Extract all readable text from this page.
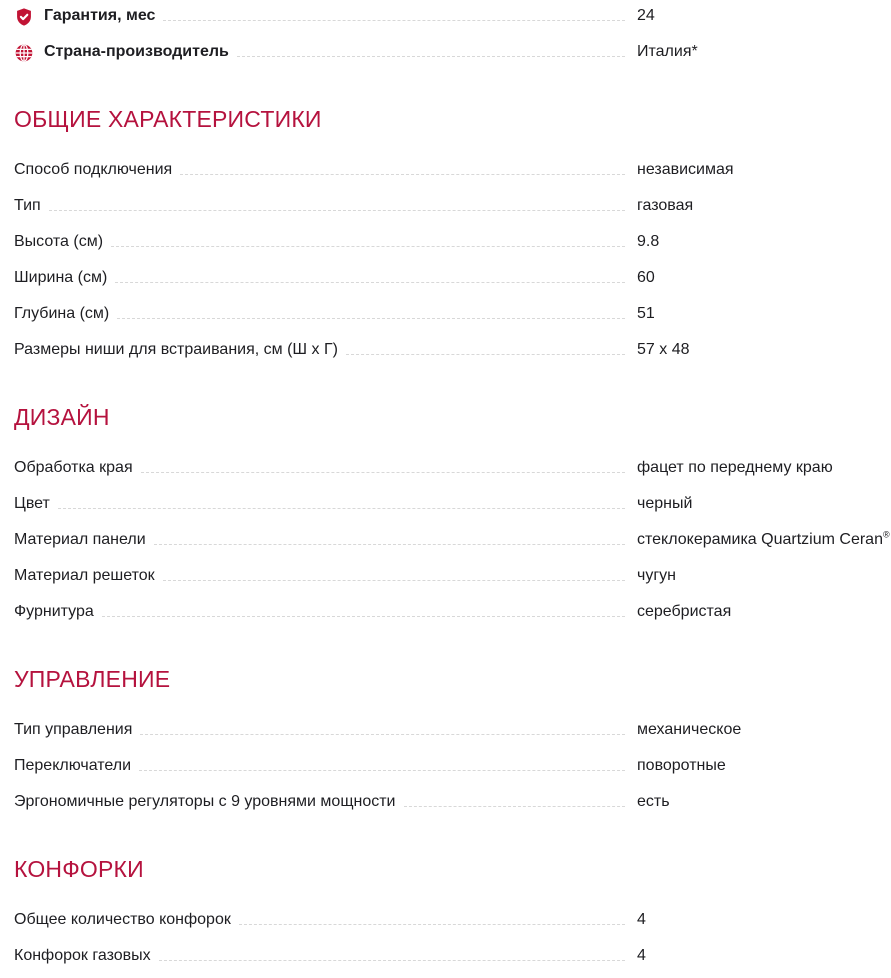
Гарантия, мес	24
Страна-производитель	Италия*
ОБЩИЕ ХАРАКТЕРИСТИКИ
Способ подключения	независимая
Тип	газовая
Высота (см)	9.8
Ширина (см)	60
Глубина (см)	51
Размеры ниши для встраивания, см (Ш х Г)	57 x 48
ДИЗАЙН
Обработка края	фацет по переднему краю
Цвет	черный
Материал панели	стеклокерамика Quartzium Ceran®
Материал решеток	чугун
Фурнитура	серебристая
УПРАВЛЕНИЕ
Тип управления	механическое
Переключатели	поворотные
Эргономичные регуляторы с 9 уровнями мощности	есть
КОНФОРКИ
Общее количество конфорок	4
Конфорок газовых	4
